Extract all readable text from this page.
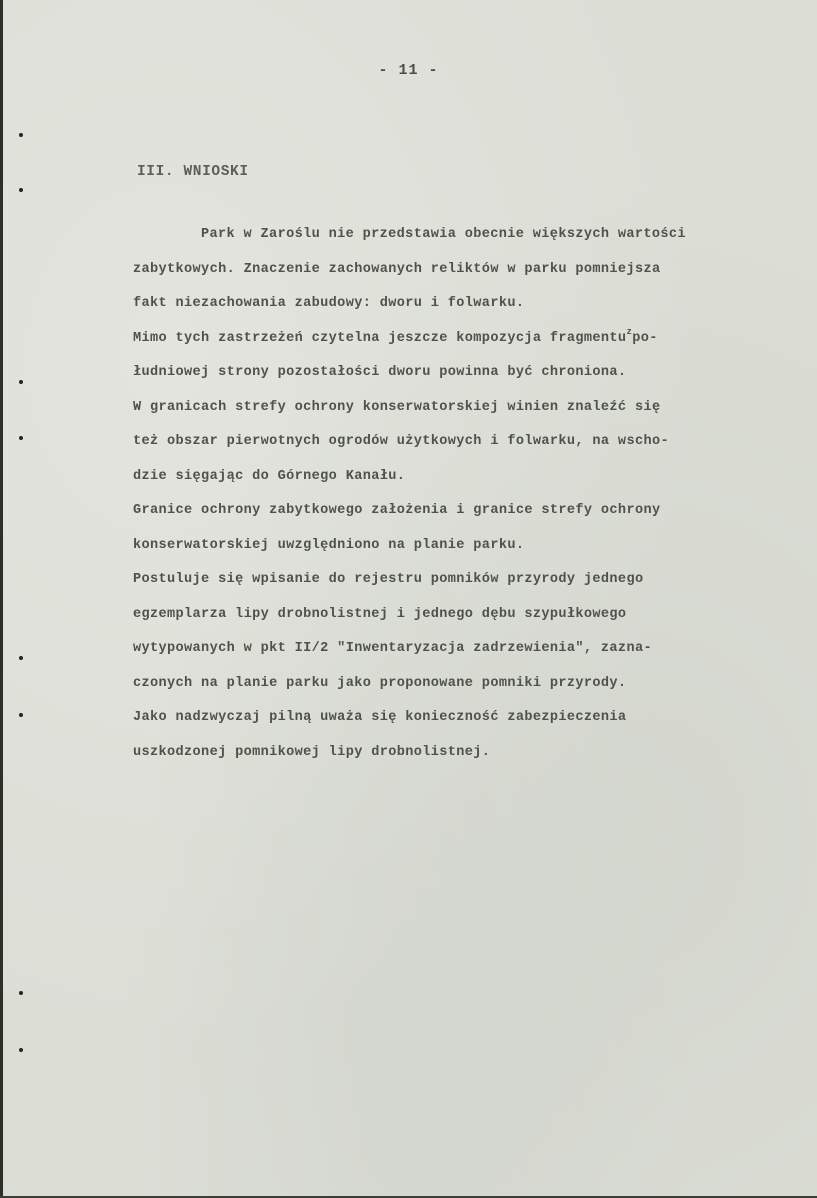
- 11 -
III. WNIOSKI
Park w Zaroślu nie przedstawia obecnie większych wartości
zabytkowych. Znaczenie zachowanych reliktów w parku pomniejsza
fakt niezachowania zabudowy: dworu i folwarku.
Mimo tych zastrzeżeń czytelna jeszcze kompozycja fragmentu$^z$po-
łudniowej strony pozostałości dworu powinna być chroniona.
W granicach strefy ochrony konserwatorskiej winien znaleźć się
też obszar pierwotnych ogrodów użytkowych i folwarku, na wscho-
dzie sięgając do Górnego Kanału.
Granice ochrony zabytkowego założenia i granice strefy ochrony
konserwatorskiej uwzględniono na planie parku.
Postuluje się wpisanie do rejestru pomników przyrody jednego
egzemplarza lipy drobnolistnej i jednego dębu szypułkowego
wytypowanych w pkt II/2 "Inwentaryzacja zadrzewienia", zazna-
czonych na planie parku jako proponowane pomniki przyrody.
Jako nadzwyczaj pilną uważa się konieczność zabezpieczenia
uszkodzonej pomnikowej lipy drobnolistnej.
